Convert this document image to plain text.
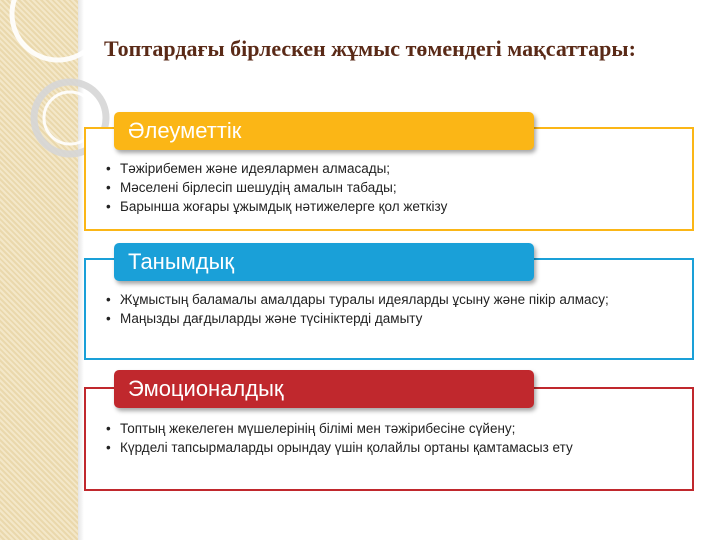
Топтардағы бірлескен жұмыс төмендегі мақсаттары:
Әлеуметтік
• Тәжірибемен және идеялармен алмасады;
• Мәселені бірлесіп шешудің амалын табады;
• Барынша жоғары ұжымдық нәтижелерге қол жеткізу
Танымдық
• Жұмыстың баламалы амалдары туралы идеяларды ұсыну және пікір алмасу;
• Маңызды дағдыларды және түсініктерді дамыту
Эмоционалдық
• Топтың жекелеген мүшелерінің білімі мен тәжірибесіне сүйену;
• Күрделі тапсырмаларды орындау үшін қолайлы ортаны қамтамасыз ету
